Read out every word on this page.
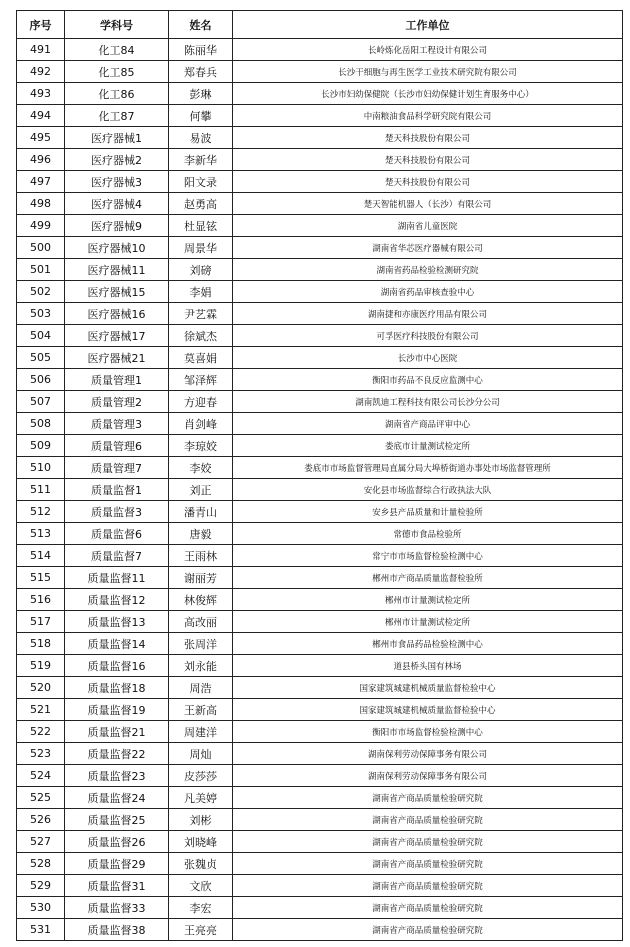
序号	学科号	姓名	工作单位
491	化工84	陈丽华	长岭炼化岳阳工程设计有限公司
492	化工85	郑春兵	长沙干细胞与再生医学工业技术研究院有限公司
493	化工86	彭琳	长沙市妇幼保健院（长沙市妇幼保健计划生育服务中心）
494	化工87	何攀	中南粮油食品科学研究院有限公司
495	医疗器械1	易波	楚天科技股份有限公司
496	医疗器械2	李新华	楚天科技股份有限公司
497	医疗器械3	阳文录	楚天科技股份有限公司
498	医疗器械4	赵勇高	楚天智能机器人（长沙）有限公司
499	医疗器械9	杜显铉	湖南省儿童医院
500	医疗器械10	周景华	湖南省华芯医疗器械有限公司
501	医疗器械11	刘磅	湖南省药品检验检测研究院
502	医疗器械15	李娟	湖南省药品审核查验中心
503	医疗器械16	尹艺霖	湖南捷和亦康医疗用品有限公司
504	医疗器械17	徐斌杰	可孚医疗科技股份有限公司
505	医疗器械21	莫喜娟	长沙市中心医院
506	质量管理1	邹泽辉	衡阳市药品不良反应监测中心
507	质量管理2	方迎春	湖南凯迪工程科技有限公司长沙分公司
508	质量管理3	肖剑峰	湖南省产商品评审中心
509	质量管理6	李琼姣	娄底市计量测试检定所
510	质量管理7	李姣	娄底市市场监督管理局直属分局大埠桥街道办事处市场监督管理所
511	质量监督1	刘正	安化县市场监督综合行政执法大队
512	质量监督3	潘青山	安乡县产品质量和计量检验所
513	质量监督6	唐毅	常德市食品检验所
514	质量监督7	王雨林	常宁市市场监督检验检测中心
515	质量监督11	谢丽芳	郴州市产商品质量监督检验所
516	质量监督12	林俊辉	郴州市计量测试检定所
517	质量监督13	高改丽	郴州市计量测试检定所
518	质量监督14	张周洋	郴州市食品药品检验检测中心
519	质量监督16	刘永能	道县桥头国有林场
520	质量监督18	周浩	国家建筑城建机械质量监督检验中心
521	质量监督19	王新高	国家建筑城建机械质量监督检验中心
522	质量监督21	周建洋	衡阳市市场监督检验检测中心
523	质量监督22	周灿	湖南保利劳动保障事务有限公司
524	质量监督23	皮莎莎	湖南保利劳动保障事务有限公司
525	质量监督24	凡美婷	湖南省产商品质量检验研究院
526	质量监督25	刘彬	湖南省产商品质量检验研究院
527	质量监督26	刘晓峰	湖南省产商品质量检验研究院
528	质量监督29	张魏贞	湖南省产商品质量检验研究院
529	质量监督31	文欣	湖南省产商品质量检验研究院
530	质量监督33	李宏	湖南省产商品质量检验研究院
531	质量监督38	王亮亮	湖南省产商品质量检验研究院
